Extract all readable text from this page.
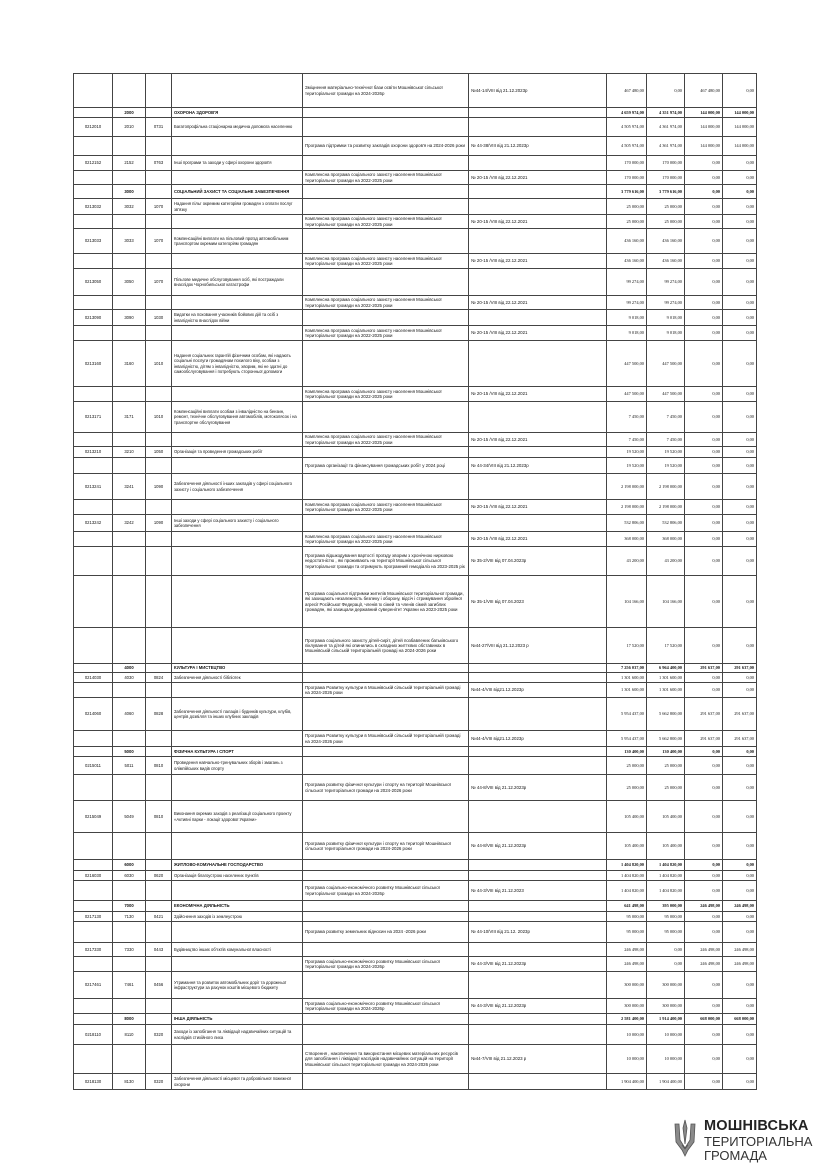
				Зміцнення матеріально-технічної бази освіти Мошнівської сільської територіальної громади на 2024-2026р	№44-14/VIII від 21.12.2023р	467 480,00	0,00	467 480,00	0,00
	2000		ОХОРОНА ЗДОРОВ'Я			4 659 974,00	4 351 974,00	144 000,00	144 000,00
0212010	2010	0731	Багатопрофільна стаціонарна медична допомога населенню			4 505 974,00	4 361 974,00	144 000,00	144 000,00
				Програма підтримки та розвитку закладів охорони здоров'я на 2024-2026 роки	№ 44-38/VIII від 21.12.2023р	4 505 974,00	4 361 974,00	144 000,00	144 000,00
0212152	2152	0763	Інші програми та заходи у сфері охорони здоров'я			170 000,00	170 000,00	0,00	0,00
				Комплексна програма соціального захисту населення Мошнівської територіальної громади на 2022-2025 роки	№ 20-15 /VIII від 22.12.2021	170 000,00	170 000,00	0,00	0,00
	3000		СОЦІАЛЬНИЙ ЗАХИСТ ТА СОЦІАЛЬНЕ ЗАБЕЗПЕЧЕННЯ			3 779 616,00	3 779 616,00	0,00	0,00
0213032	3032	1070	Надання пільг окремим категоріям громадян з оплати послуг зв'язку			25 000,00	25 000,00	0,00	0,00
				Комплексна програма соціального захисту населення Мошнівської територіальної громади на 2022-2025 роки	№ 20-15 /VIII від 22.12.2021	25 000,00	25 000,00	0,00	0,00
0213033	3033	1070	Компенсаційні виплати на пільговий проїзд автомобільним транспортом окремим категоріям громадян			436 160,00	436 160,00	0,00	0,00
				Комплексна програма соціального захисту населення Мошнівської територіальної громади на 2022-2025 роки	№ 20-15 /VIII від 22.12.2021	436 160,00	436 160,00	0,00	0,00
0213050	3050	1070	Пільгове медичне обслуговування осіб, які постраждали внаслідок Чорнобильської катастрофи			99 274,00	99 274,00	0,00	0,00
				Комплексна програма соціального захисту населення Мошнівської територіальної громади на 2022-2025 роки	№ 20-15 /VIII від 22.12.2021	99 274,00	99 274,00	0,00	0,00
0213090	3090	1030	Видатки на поховання учасників бойових дій та осіб з інвалідністю внаслідок війни			9 018,00	9 018,00	0,00	0,00
				Комплексна програма соціального захисту населення Мошнівської територіальної громади на 2022-2025 роки	№ 20-15 /VIII від 22.12.2021	9 018,00	9 018,00	0,00	0,00
0213160	3160	1010	Надання соціальних гарантій фізичним особам, які надають соціальні послуги громадянам похилого віку, особам з інвалідністю, дітям з інвалідністю, хворим, які не здатні до самообслуговування і потребують сторонньої допомоги			447 500,00	447 500,00	0,00	0,00
				Комплексна програма соціального захисту населення Мошнівської територіальної громади на 2022-2025 роки	№ 20-15 /VIII від 22.12.2021	447 500,00	447 500,00	0,00	0,00
0213171	3171	1010	Компенсаційні виплати особам з інвалідністю на бензин, ремонт, технічне обслуговування автомобілів, мотоколясок і на транспортне обслуговування			7 450,00	7 450,00	0,00	0,00
				Комплексна програма соціального захисту населення Мошнівської територіальної громади на 2022-2025 роки	№ 20-15 /VIII від 22.12.2021	7 450,00	7 450,00	0,00	0,00
0213210	3210	1050	Організація та проведення громадських робіт			19 520,00	19 520,00	0,00	0,00
				Програма організації та фінансування громадських робіт у 2024 році	№ 44-34/VIII від 21.12.2023р	19 520,00	19 520,00	0,00	0,00
0213241	3241	1090	Забезпечення діяльності інших закладів у сфері соціального захисту і соціального забезпечення			2 198 000,00	2 198 000,00	0,00	0,00
				Комплексна програма соціального захисту населення Мошнівської територіальної громади на 2022-2025 роки	№ 20-15 /VIII від 22.12.2021	2 198 000,00	2 198 000,00	0,00	0,00
0213242	3242	1090	Інші заходи у сфері соціального захисту і соціального забезпечення			532 806,00	532 806,00	0,00	0,00
				Комплексна програма соціального захисту населення Мошнівської територіальної громади на 2022-2025 роки	№ 20-15 /VIII від 22.12.2021	368 000,00	368 000,00	0,00	0,00
				Програма відшкодування вартості проїзду хворим з хронічною нирковою недостатністю , які проживають на території Мошнівської сільської територіальної громади та отримують програмний гемодіаліз на 2023-2025 рік	№ 35-2/VIII від 07.04.2023р	43 200,00	43 200,00	0,00	0,00
				Програма соціальної підтримки жителів Мошнівської територіальної громади, які захищають незалежність безпеку і оборону, відсіч і стримування збройної агресії Російської Федерації, членів їх сімей та членів сімей загиблих громадян, які захищали державний суверенітет України на 2023-2025 роки	№ 35-1/VIII від 07.04.2023	104 166,00	104 166,00	0,00	0,00
				Програма соціального захисту дітей-сиріт, дітей позбавлених батьківського піклування та дітей які опинились в складних життєвих обставинах в Мошнівській сільській територіальній громаді на 2024-2026 роки	№44-27/VIII від 21.12.2023 р	17 520,00	17 520,00	0,00	0,00
	4000		КУЛЬТУРА І МИСТЕЦТВО			7 256 037,00	6 964 400,00	291 637,00	291 637,00
0214030	4030	0824	Забезпечення діяльності бібліотек			1 301 600,00	1 301 600,00	0,00	0,00
				Програма Розвитку культури в Мошнівській сільській територіальній громаді на 2024-2026 роки	№44-4/VIII від21.12.2023р	1 301 600,00	1 301 600,00	0,00	0,00
0214060	4060	0828	Забезпечення діяльності палаців i будинків культури, клубів, центрів дозвілля та iнших клубних закладів			5 954 437,00	5 662 800,00	291 637,00	291 637,00
				Програма Розвитку культури в Мошнівській сільській територіальній громаді на 2024-2026 роки	№44-4/VIII від21.12.2023р	5 954 437,00	5 662 800,00	291 637,00	291 637,00
	5000		ФІЗИЧНА КУЛЬТУРА І СПОРТ			130 400,00	130 400,00	0,00	0,00
0215011	5011	0810	Проведення навчально-тренувальних зборів і змагань з олімпійських видів спорту			25 000,00	25 000,00	0,00	0,00
				Програма розвитку фізичної культури і спорту на території Мошнівської сільської територіальної громади на 2024-2026 роки	№ 44-8/VIII від 21.12.2023р	25 000,00	25 000,00	0,00	0,00
0215049	5049	0810	Виконання окремих заходів з реалізації соціального проекту «Активні парки - локації здорової України»			105 400,00	105 400,00	0,00	0,00
				Програма розвитку фізичної культури і спорту на території Мошнівської сільської територіальної громади на 2024-2026 роки	№ 44-8/VIII від 21.12.2023р	105 400,00	105 400,00	0,00	0,00
	6000		ЖИТЛОВО-КОМУНАЛЬНЕ ГОСПОДАРСТВО			1 404 820,00	1 404 820,00	0,00	0,00
0216030	6030	0620	Організація благоустрою населених пунктів			1 404 820,00	1 404 820,00	0,00	0,00
				Програма соціально-економічного розвитку Мошнівської сільської територіальної громади на 2024-2026р	№ 44-3/VIII від 21.12.2023	1 404 820,00	1 404 820,00	0,00	0,00
	7000		ЕКОНОМІЧНА ДІЯЛЬНІСТЬ			641 498,00	395 000,00	246 498,00	246 498,00
0217130	7130	0421	Здійснення заходів із землеустрою			95 000,00	95 000,00	0,00	0,00
				Програма розвитку земельних відносин на 2024 -2026 роки	№ 44-10/VIII від 21.12. 2023р	95 000,00	95 000,00	0,00	0,00
0217330	7330	0443	Будівництво інших об'єктів комунальної власності			246 498,00	0,00	246 498,00	246 498,00
				Програма соціально-економічного розвитку Мошнівської сільської територіальної громади на 2024-2026р	№ 44-3/VIII від 21.12.2023р	246 498,00	0,00	246 498,00	246 498,00
0217461	7461	0456	Утримання та розвиток автомобільних доріг та дорожньої інфраструктури за рахунок коштів місцевого бюджету			300 000,00	300 000,00	0,00	0,00
				Програма соціально-економічного розвитку Мошнівської сільської територіальної громади на 2024-2026р	№ 44-3/VIII від 21.12.2023р	300 000,00	300 000,00	0,00	0,00
	8000		ІНША ДІЯЛЬНІСТЬ			2 581 400,00	1 914 400,00	668 000,00	668 000,00
0218110	8110	0320	Заходи із запобігання та ліквідації надзвичайних ситуацій та наслідків стихійного лиха			10 000,00	10 000,00	0,00	0,00
				Створення , накопичення та використання місцевих матеріальних ресурсів для запобігання і ліквідації наслідків надзвичайних ситуацій на території Мошнівської сільської територіальної громади на 2024-2026 роки	№44-7/VIII від 21.12.2023 р	10 000,00	10 000,00	0,00	0,00
0218130	8130	0320	Забезпечення діяльності місцевої та добровільної пожежної охорони			1 904 400,00	1 904 400,00	0,00	0,00
МОШНІВСЬКА
ТЕРИТОРІАЛЬНА
ГРОМАДА
